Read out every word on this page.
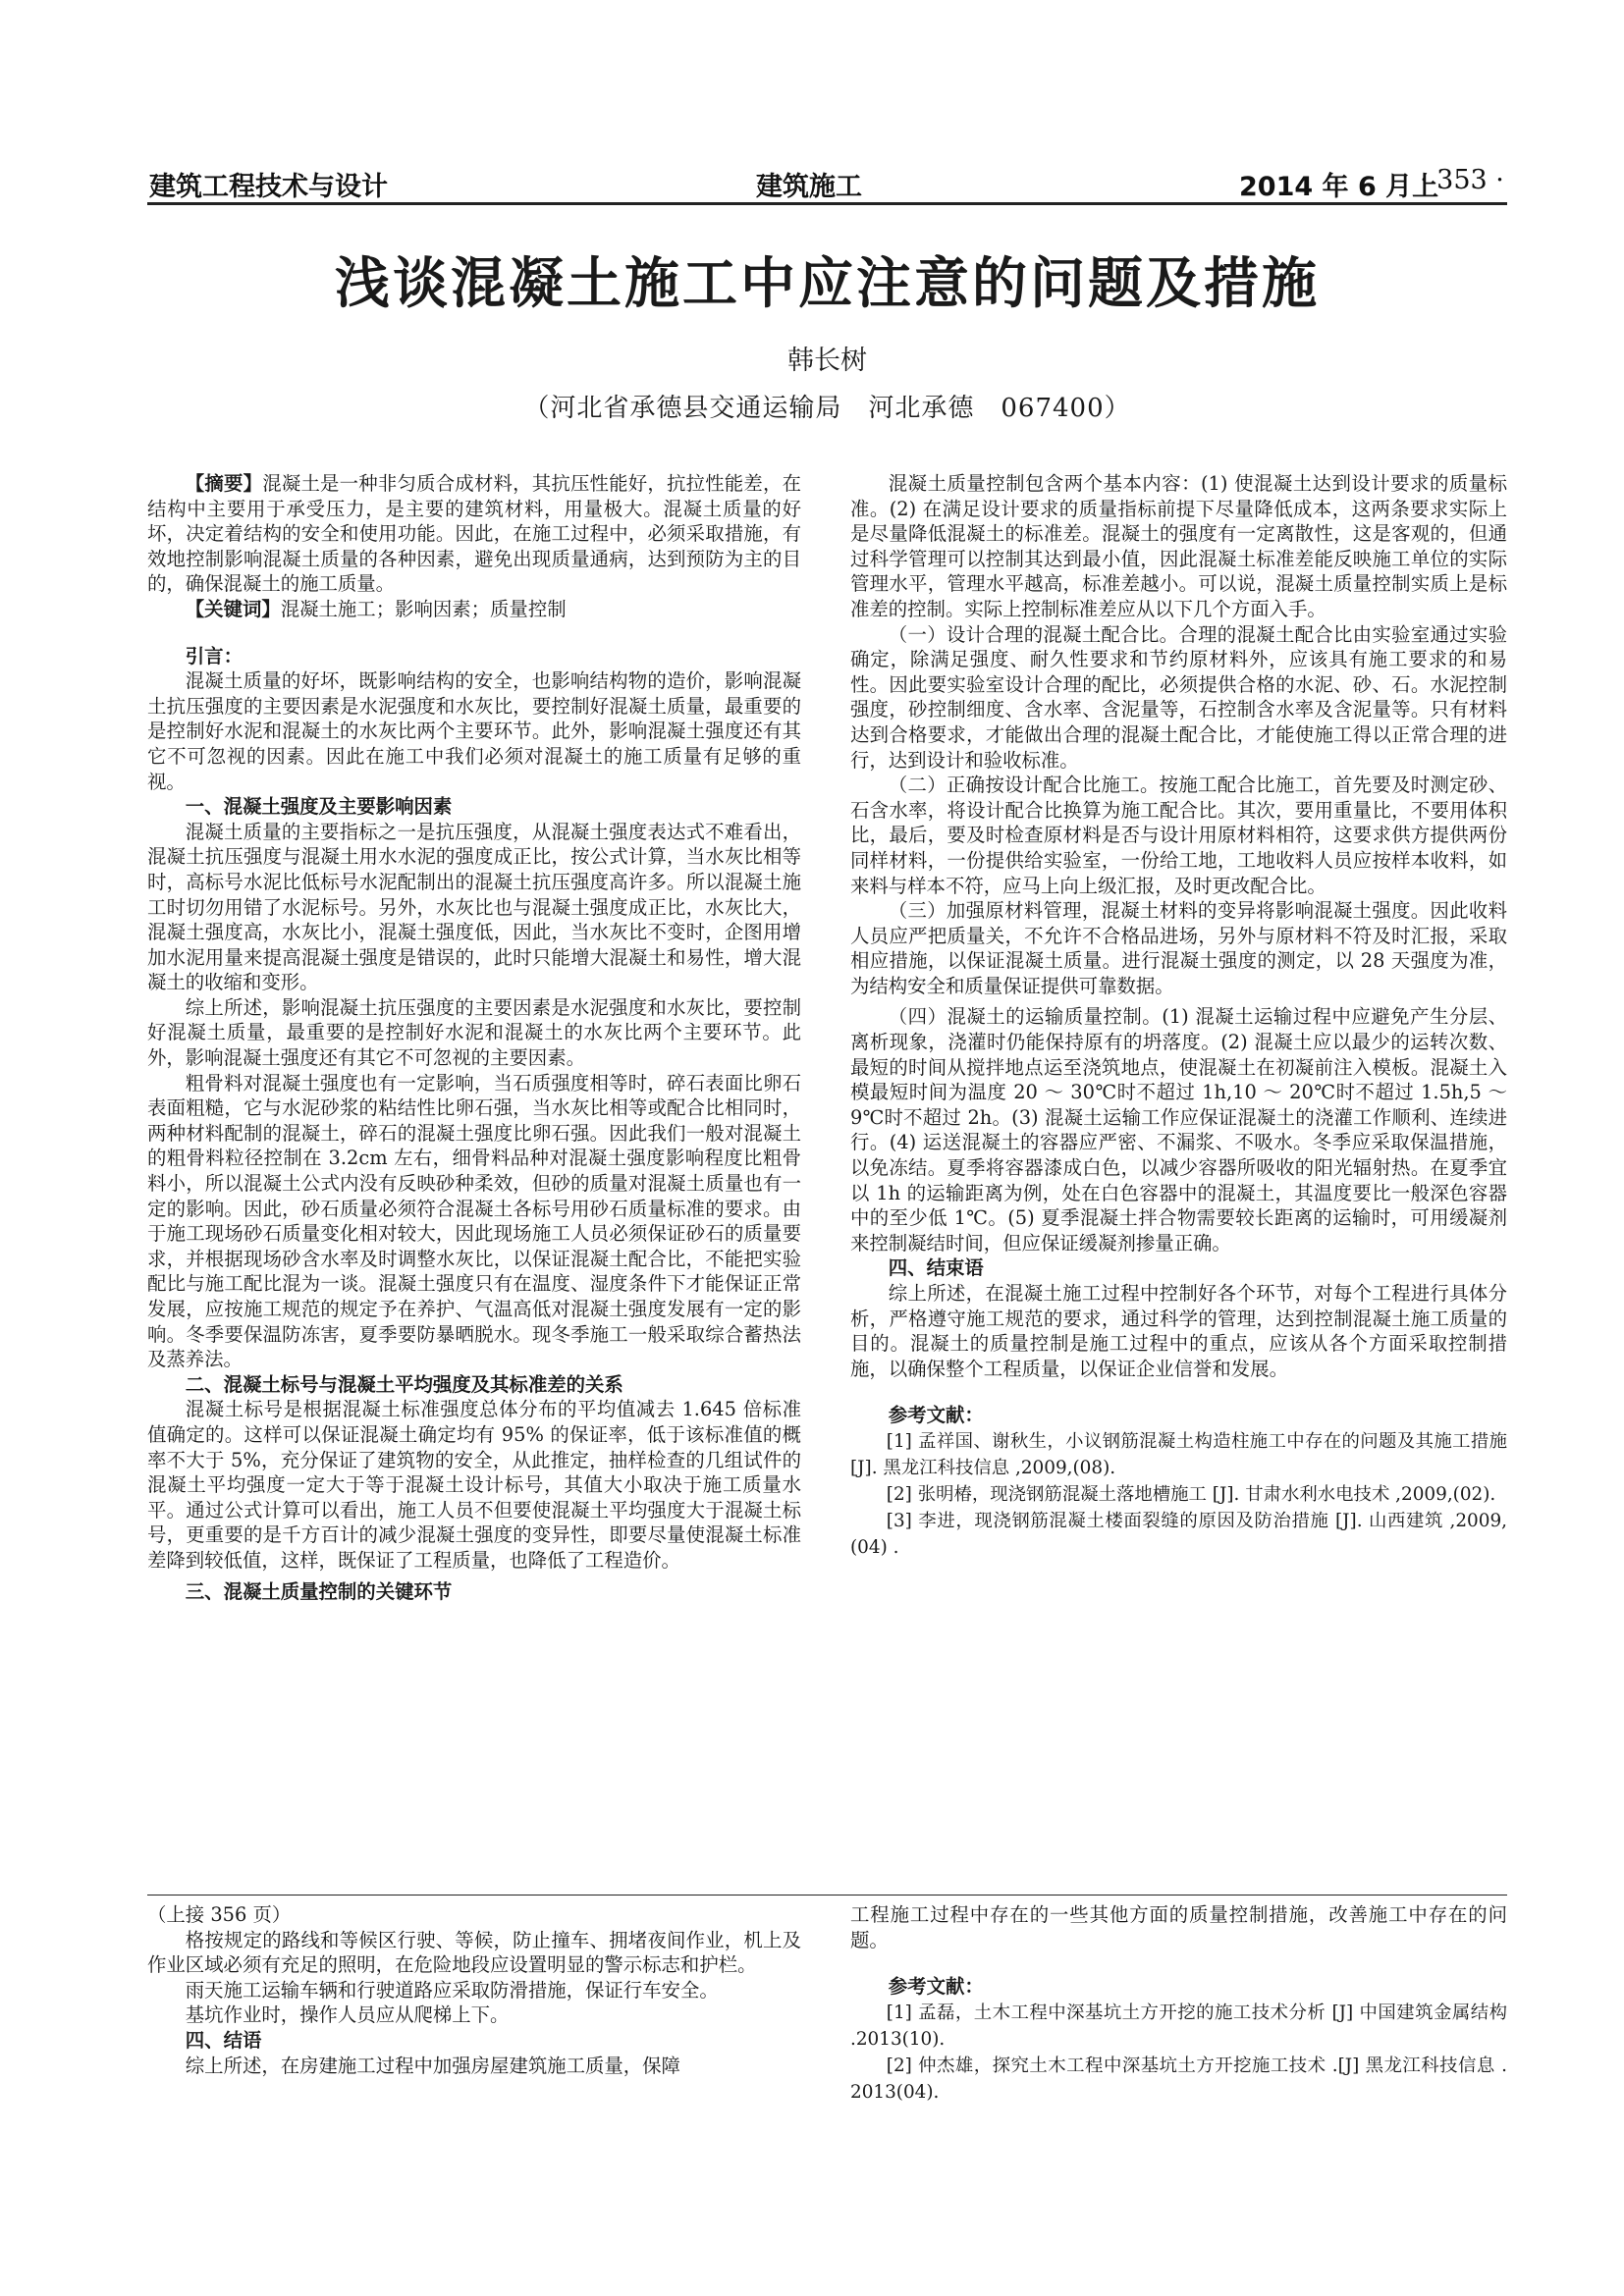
建筑工程技术与设计	建筑施工	2014 年 6 月上
· 353 ·
浅谈混凝土施工中应注意的问题及措施
韩长树
（河北省承德县交通运输局　河北承德　067400）

【摘要】混凝土是一种非匀质合成材料，其抗压性能好，抗拉性能差，在结构中主要用于承受压力，是主要的建筑材料，用量极大。混凝土质量的好坏，决定着结构的安全和使用功能。因此，在施工过程中，必须采取措施，有效地控制影响混凝土质量的各种因素，避免出现质量通病，达到预防为主的目的，确保混凝土的施工质量。

【关键词】混凝土施工；影响因素；质量控制

引言：

混凝土质量的好坏，既影响结构的安全，也影响结构物的造价，影响混凝土抗压强度的主要因素是水泥强度和水灰比，要控制好混凝土质量，最重要的是控制好水泥和混凝土的水灰比两个主要环节。此外，影响混凝土强度还有其它不可忽视的因素。因此在施工中我们必须对混凝土的施工质量有足够的重视。

一、混凝土强度及主要影响因素

混凝土质量的主要指标之一是抗压强度，从混凝土强度表达式不难看出，混凝土抗压强度与混凝土用水水泥的强度成正比，按公式计算，当水灰比相等时，高标号水泥比低标号水泥配制出的混凝土抗压强度高许多。所以混凝土施工时切勿用错了水泥标号。另外，水灰比也与混凝土强度成正比，水灰比大，混凝土强度高，水灰比小，混凝土强度低，因此，当水灰比不变时，企图用增加水泥用量来提高混凝土强度是错误的，此时只能增大混凝土和易性，增大混凝土的收缩和变形。

综上所述，影响混凝土抗压强度的主要因素是水泥强度和水灰比，要控制好混凝土质量，最重要的是控制好水泥和混凝土的水灰比两个主要环节。此外，影响混凝土强度还有其它不可忽视的主要因素。

粗骨料对混凝土强度也有一定影响，当石质强度相等时，碎石表面比卵石表面粗糙，它与水泥砂浆的粘结性比卵石强，当水灰比相等或配合比相同时，两种材料配制的混凝土，碎石的混凝土强度比卵石强。因此我们一般对混凝土的粗骨料粒径控制在 3.2cm 左右，细骨料品种对混凝土强度影响程度比粗骨料小，所以混凝土公式内没有反映砂种柔效，但砂的质量对混凝土质量也有一定的影响。因此，砂石质量必须符合混凝土各标号用砂石质量标准的要求。由于施工现场砂石质量变化相对较大，因此现场施工人员必须保证砂石的质量要求，并根据现场砂含水率及时调整水灰比，以保证混凝土配合比，不能把实验配比与施工配比混为一谈。混凝土强度只有在温度、湿度条件下才能保证正常发展，应按施工规范的规定予在养护、气温高低对混凝土强度发展有一定的影响。冬季要保温防冻害，夏季要防暴晒脱水。现冬季施工一般采取综合蓄热法及蒸养法。

二、混凝土标号与混凝土平均强度及其标准差的关系

混凝土标号是根据混凝土标准强度总体分布的平均值减去 1.645 倍标准值确定的。这样可以保证混凝土确定均有 95% 的保证率，低于该标准值的概率不大于 5%，充分保证了建筑物的安全，从此推定，抽样检查的几组试件的混凝土平均强度一定大于等于混凝土设计标号，其值大小取决于施工质量水平。通过公式计算可以看出，施工人员不但要使混凝土平均强度大于混凝土标号，更重要的是千方百计的减少混凝土强度的变异性，即要尽量使混凝土标准差降到较低值，这样，既保证了工程质量，也降低了工程造价。

三、混凝土质量控制的关键环节

混凝土质量控制包含两个基本内容：(1) 使混凝土达到设计要求的质量标准。(2) 在满足设计要求的质量指标前提下尽量降低成本，这两条要求实际上是尽量降低混凝土的标准差。混凝土的强度有一定离散性，这是客观的，但通过科学管理可以控制其达到最小值，因此混凝土标准差能反映施工单位的实际管理水平，管理水平越高，标准差越小。可以说，混凝土质量控制实质上是标准差的控制。实际上控制标准差应从以下几个方面入手。

（一）设计合理的混凝土配合比。合理的混凝土配合比由实验室通过实验确定，除满足强度、耐久性要求和节约原材料外，应该具有施工要求的和易性。因此要实验室设计合理的配比，必须提供合格的水泥、砂、石。水泥控制强度，砂控制细度、含水率、含泥量等，石控制含水率及含泥量等。只有材料达到合格要求，才能做出合理的混凝土配合比，才能使施工得以正常合理的进行，达到设计和验收标准。

（二）正确按设计配合比施工。按施工配合比施工，首先要及时测定砂、石含水率，将设计配合比换算为施工配合比。其次，要用重量比，不要用体积比，最后，要及时检查原材料是否与设计用原材料相符，这要求供方提供两份同样材料，一份提供给实验室，一份给工地，工地收料人员应按样本收料，如来料与样本不符，应马上向上级汇报，及时更改配合比。

（三）加强原材料管理，混凝土材料的变异将影响混凝土强度。因此收料人员应严把质量关，不允许不合格品进场，另外与原材料不符及时汇报，采取相应措施，以保证混凝土质量。进行混凝土强度的测定，以 28 天强度为准，为结构安全和质量保证提供可靠数据。

（四）混凝土的运输质量控制。(1) 混凝土运输过程中应避免产生分层、离析现象，浇灌时仍能保持原有的坍落度。(2) 混凝土应以最少的运转次数、最短的时间从搅拌地点运至浇筑地点，使混凝土在初凝前注入模板。混凝土入模最短时间为温度 20 ～ 30℃时不超过 1h,10 ～ 20℃时不超过 1.5h,5 ～ 9℃时不超过 2h。(3) 混凝土运输工作应保证混凝土的浇灌工作顺利、连续进行。(4) 运送混凝土的容器应严密、不漏浆、不吸水。冬季应采取保温措施，以免冻结。夏季将容器漆成白色，以减少容器所吸收的阳光辐射热。在夏季宜以 1h 的运输距离为例，处在白色容器中的混凝土，其温度要比一般深色容器中的至少低 1℃。(5) 夏季混凝土拌合物需要较长距离的运输时，可用缓凝剂来控制凝结时间，但应保证缓凝剂掺量正确。

四、结束语

综上所述，在混凝土施工过程中控制好各个环节，对每个工程进行具体分析，严格遵守施工规范的要求，通过科学的管理，达到控制混凝土施工质量的目的。混凝土的质量控制是施工过程中的重点，应该从各个方面采取控制措施，以确保整个工程质量，以保证企业信誉和发展。

参考文献：

[1] 孟祥国、谢秋生，小议钢筋混凝土构造柱施工中存在的问题及其施工措施 [J]. 黑龙江科技信息 ,2009,(08).

[2] 张明椿，现浇钢筋混凝土落地槽施工 [J]. 甘肃水利水电技术 ,2009,(02).

[3] 李进，现浇钢筋混凝土楼面裂缝的原因及防治措施 [J]. 山西建筑 ,2009,(04) .

（上接 356 页）

格按规定的路线和等候区行驶、等候，防止撞车、拥堵夜间作业，机上及作业区域必须有充足的照明，在危险地段应设置明显的警示标志和护栏。

雨天施工运输车辆和行驶道路应采取防滑措施，保证行车安全。

基坑作业时，操作人员应从爬梯上下。

四、结语

综上所述，在房建施工过程中加强房屋建筑施工质量，保障

工程施工过程中存在的一些其他方面的质量控制措施，改善施工中存在的问题。

参考文献：

[1] 孟磊，土木工程中深基坑土方开挖的施工技术分析 [J] 中国建筑金属结构 .2013(10).

[2] 仲杰雄，探究土木工程中深基坑土方开挖施工技术 .[J] 黑龙江科技信息 . 2013(04).
